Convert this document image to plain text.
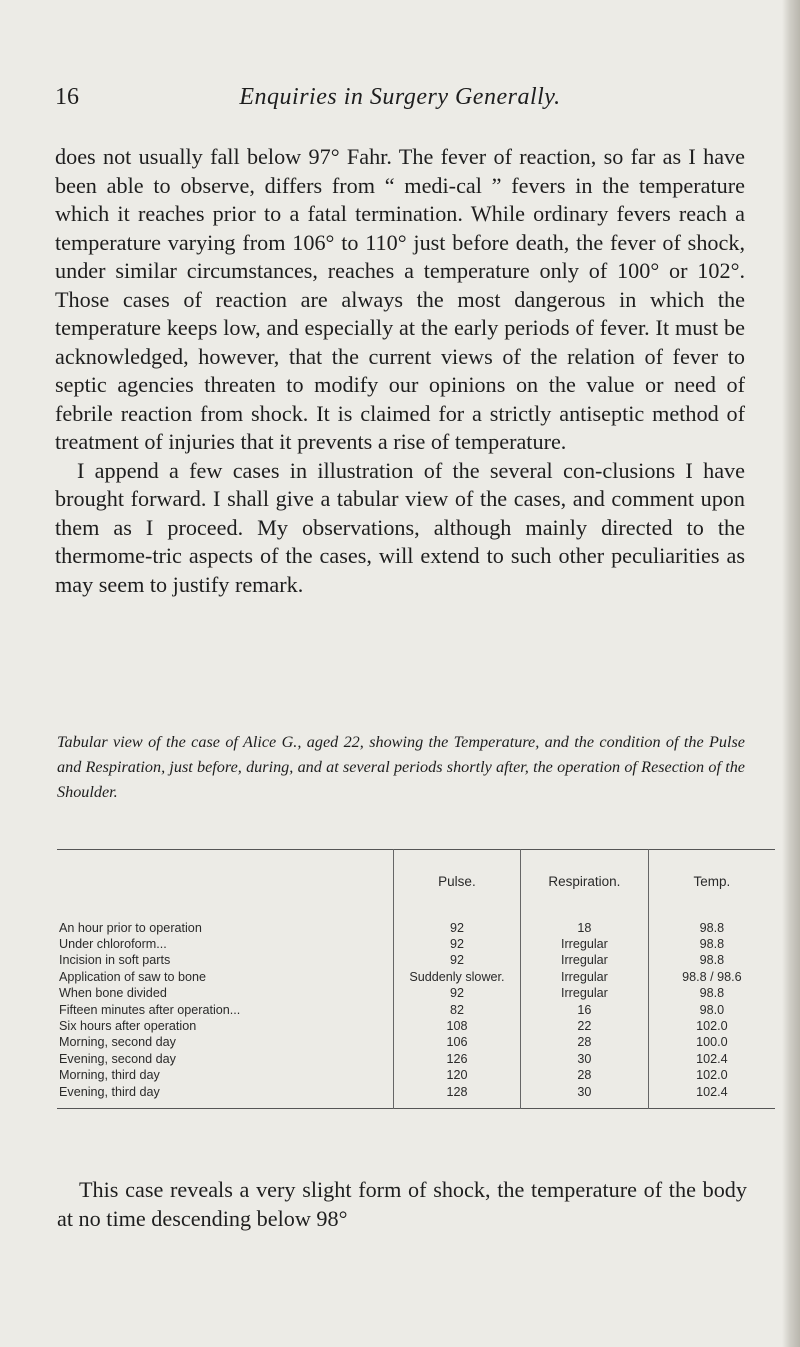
16	Enquiries in Surgery Generally.

does not usually fall below 97° Fahr. The fever of reaction, so far as I have been able to observe, differs from “ medi-cal ” fevers in the temperature which it reaches prior to a fatal termination. While ordinary fevers reach a temperature varying from 106° to 110° just before death, the fever of shock, under similar circumstances, reaches a temperature only of 100° or 102°. Those cases of reaction are always the most dangerous in which the temperature keeps low, and especially at the early periods of fever. It must be acknowledged, however, that the current views of the relation of fever to septic agencies threaten to modify our opinions on the value or need of febrile reaction from shock. It is claimed for a strictly antiseptic method of treatment of injuries that it prevents a rise of temperature.

I append a few cases in illustration of the several con-clusions I have brought forward. I shall give a tabular view of the cases, and comment upon them as I proceed. My observations, although mainly directed to the thermome-tric aspects of the cases, will extend to such other peculiarities as may seem to justify remark.

Tabular view of the case of Alice G., aged 22, showing the Temperature, and the condition of the Pulse and Respiration, just before, during, and at several periods shortly after, the operation of Resection of the Shoulder.
	Pulse.	Respiration.	Temp.
An hour prior to operation	92	18	98.8
Under chloroform...	92	Irregular	98.8
Incision in soft parts	92	Irregular	98.8
Application of saw to bone	Suddenly slower.	Irregular	98.8 / 98.6
When bone divided	92	Irregular	98.8
Fifteen minutes after operation...	82	16	98.0
Six hours after operation	108	22	102.0
Morning, second day	106	28	100.0
Evening, second day	126	30	102.4
Morning, third day	120	28	102.0
Evening, third day	128	30	102.4

This case reveals a very slight form of shock, the temperature of the body at no time descending below 98°
